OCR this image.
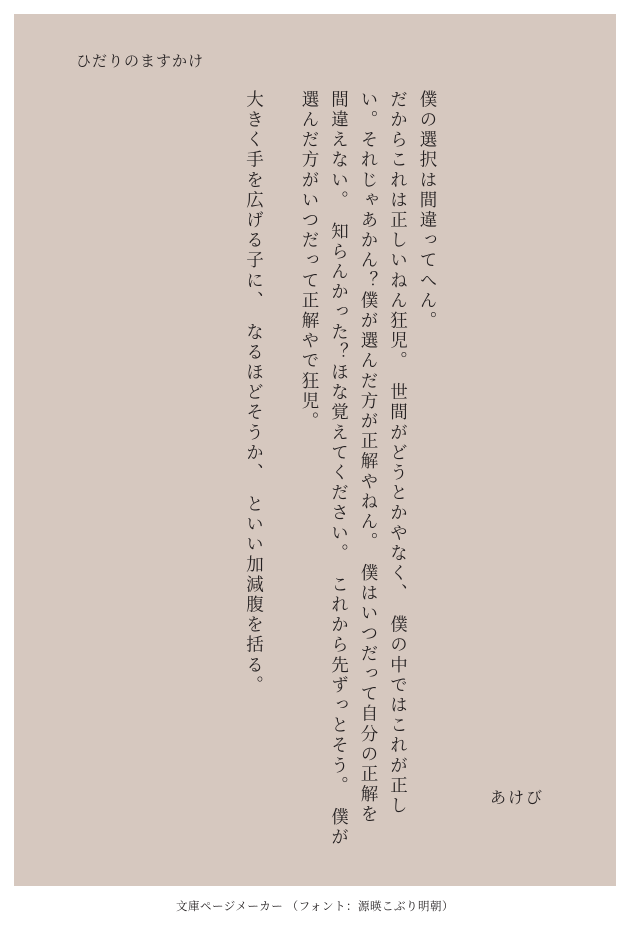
ひだりのますかけ
僕の選択は間違ってへん。
だからこれは正しいねん狂児。　世間がどうとかやなく、　僕の中ではこれが正し
い。それじゃあかん？僕が選んだ方が正解やねん。　僕はいつだって自分の正解を
間違えない。　知らんかった？ほな覚えてください。　これから先ずっとそう。　僕が
選んだ方がいつだって正解やで狂児。
大きく手を広げる子に、　なるほどそうか、　といい加減腹を括る。
あけび
文庫ページメーカー （フォント：源暎こぶり明朝）
